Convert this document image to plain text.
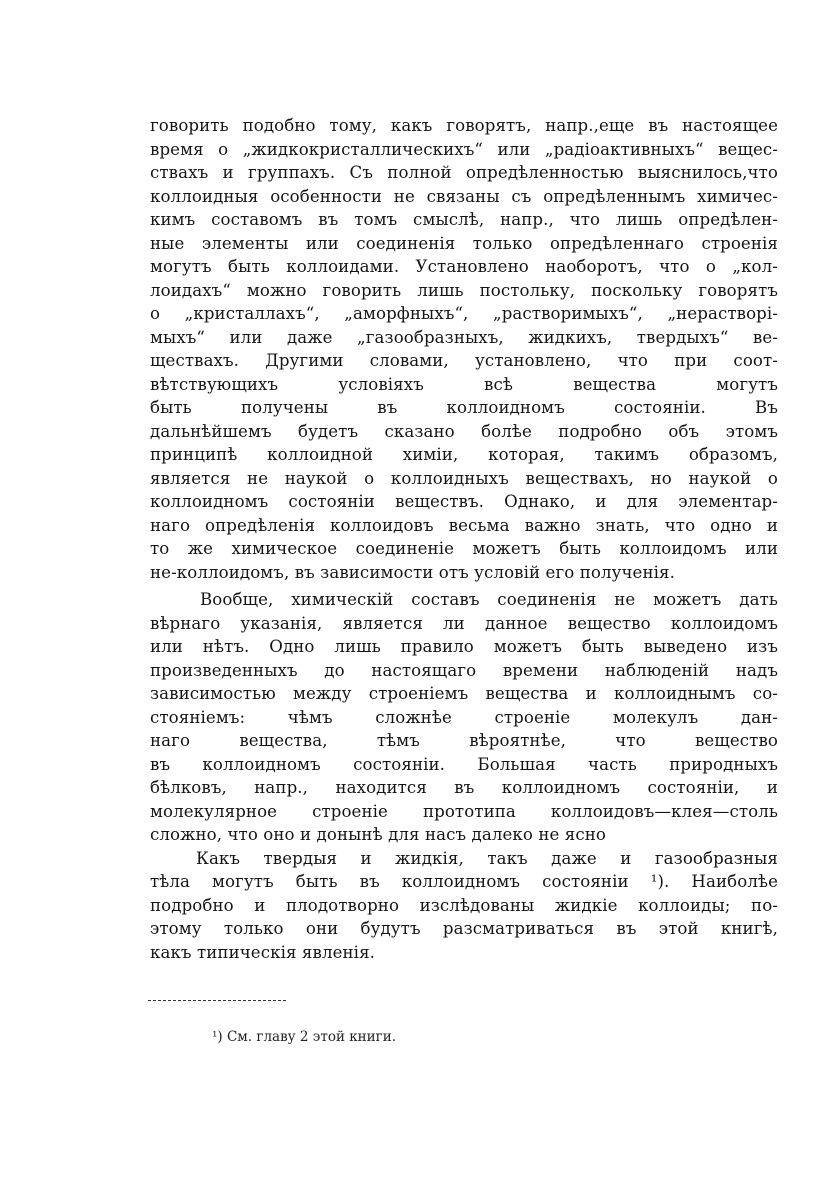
говорить подобно тому, какъ говорятъ, напр.,еще въ настоящее
время о „жидкокристаллическихъ“ или „радіоактивныхъ“ вещес-
ствахъ и группахъ. Съ полной опредѣленностью выяснилось,что
коллоидныя особенности не связаны съ опредѣленнымъ химичес-
кимъ составомъ въ томъ смыслѣ, напр., что лишь опредѣлен-
ные элементы или соединенія только опредѣленнаго строенія
могутъ быть коллоидами. Установлено наоборотъ, что о „кол-
лоидахъ“ можно говорить лишь постольку, поскольку говорятъ
о „кристаллахъ“, „аморфныхъ“, „растворимыхъ“, „нерастворі-
мыхъ“ или даже „газообразныхъ, жидкихъ, твердыхъ“ ве-
ществахъ. Другими словами, установлено, что при соот-
вѣтствующихъ условіяхъ всѣ вещества могутъ
быть получены въ коллоидномъ состояніи. Въ
дальнѣйшемъ будетъ сказано болѣе подробно объ этомъ
принципѣ коллоидной химіи, которая, такимъ образомъ,
является не наукой о коллоидныхъ веществахъ, но наукой о
коллоидномъ состояніи веществъ. Однако, и для элементар-
наго опредѣленія коллоидовъ весьма важно знать, что одно и
то же химическое соединеніе можетъ быть коллоидомъ или
не-коллоидомъ, въ зависимости отъ условій его полученія.
Вообще, химическій составъ соединенія не можетъ дать
вѣрнаго указанія, является ли данное вещество коллоидомъ
или нѣтъ. Одно лишь правило можетъ быть выведено изъ
произведенныхъ до настоящаго времени наблюденій надъ
зависимостью между строеніемъ вещества и коллоиднымъ со-
стояніемъ: чѣмъ сложнѣе строеніе молекулъ дан-
наго вещества, тѣмъ вѣроятнѣе, что вещество
въ коллоидномъ состояніи. Большая часть природныхъ
бѣлковъ, напр., находится въ коллоидномъ состояніи, и
молекулярное строеніе прототипа коллоидовъ—клея—столь
сложно, что оно и донынѣ для насъ далеко не ясно
Какъ твердыя и жидкія, такъ даже и газообразныя
тѣла могутъ быть въ коллоидномъ состояніи ¹). Наиболѣе
подробно и плодотворно изслѣдованы жидкіе коллоиды; по-
этому только они будутъ разсматриваться въ этой книгѣ,
какъ типическія явленія.
¹) См. главу 2 этой книги.
